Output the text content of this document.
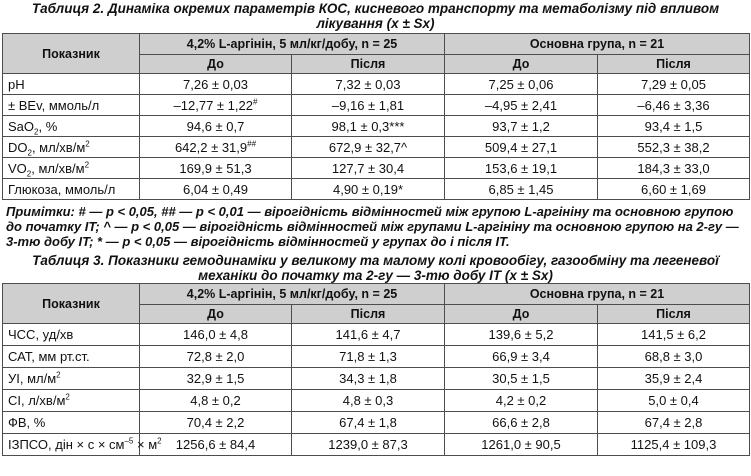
Таблиця 2. Динаміка окремих параметрів КОС, кисневого транспорту та метаболізму під впливом лікування (x ± Sx)
Показник	4,2% L-аргінін, 5 мл/кг/добу, n = 25		Основна група, n = 21	
	До	Після	До	Після
pH	7,26 ± 0,03	7,32 ± 0,03	7,25 ± 0,06	7,29 ± 0,05
± BEv, ммоль/л	–12,77 ± 1,22#	–9,16 ± 1,81	–4,95 ± 2,41	–6,46 ± 3,36
SaO$_2$, %	94,6 ± 0,7	98,1 ± 0,3***	93,7 ± 1,2	93,4 ± 1,5
$DO_2$, $мл/хв/м^2$	642,2 ± 31,9##	672,9 ± 32,7^	509,4 ± 27,1	552,3 ± 38,2
$VO_2$, $мл/хв/м^2$	169,9 ± 51,3	127,7 ± 30,4	153,6 ± 19,1	184,3 ± 33,0
Глюкоза, ммоль/л	6,04 ± 0,49	4,90 ± 0,19*	6,85 ± 1,45	6,60 ± 1,69
Примітки: # — p < 0,05, ## — p < 0,01 — вірогідність відмінностей між групою L-аргініну та основною групою до початку IT; ^ — p < 0,05 — вірогідність відмінностей між групами L-аргініну та основною групою на 2-гу — 3-тю добу IT; * — p < 0,05 — вірогідність відмінностей у групах до і після IT.
Таблиця 3. Показники гемодинаміки у великому та малому колі кровообігу, газообміну та легеневої механіки до початку та 2-гу — 3-тю добу IT (x ± Sx)
Показник	4,2% L-аргінін, 5 мл/кг/добу, n = 25		Основна група, n = 21	
	До	Після	До	Після
ЧСС, уд/хв	146,0 ± 4,8	141,6 ± 4,7	139,6 ± 5,2	141,5 ± 6,2
САТ, мм рт.ст.	72,8 ± 2,0	71,8 ± 1,3	66,9 ± 3,4	68,8 ± 3,0
УІ, $мл/м^2$	32,9 ± 1,5	34,3 ± 1,8	30,5 ± 1,5	35,9 ± 2,4
СІ, $л/хв/м^2$	4,8 ± 0,2	4,8 ± 0,3	4,2 ± 0,2	5,0 ± 0,4
ФВ, %	70,4 ± 2,2	67,4 ± 1,8	66,6 ± 2,8	67,4 ± 2,8
ІЗПСО, дін × $с \times см^{-5} \times м^2$	1256,6 ± 84,4	1239,0 ± 87,3	1261,0 ± 90,5	1125,4 ± 109,3
